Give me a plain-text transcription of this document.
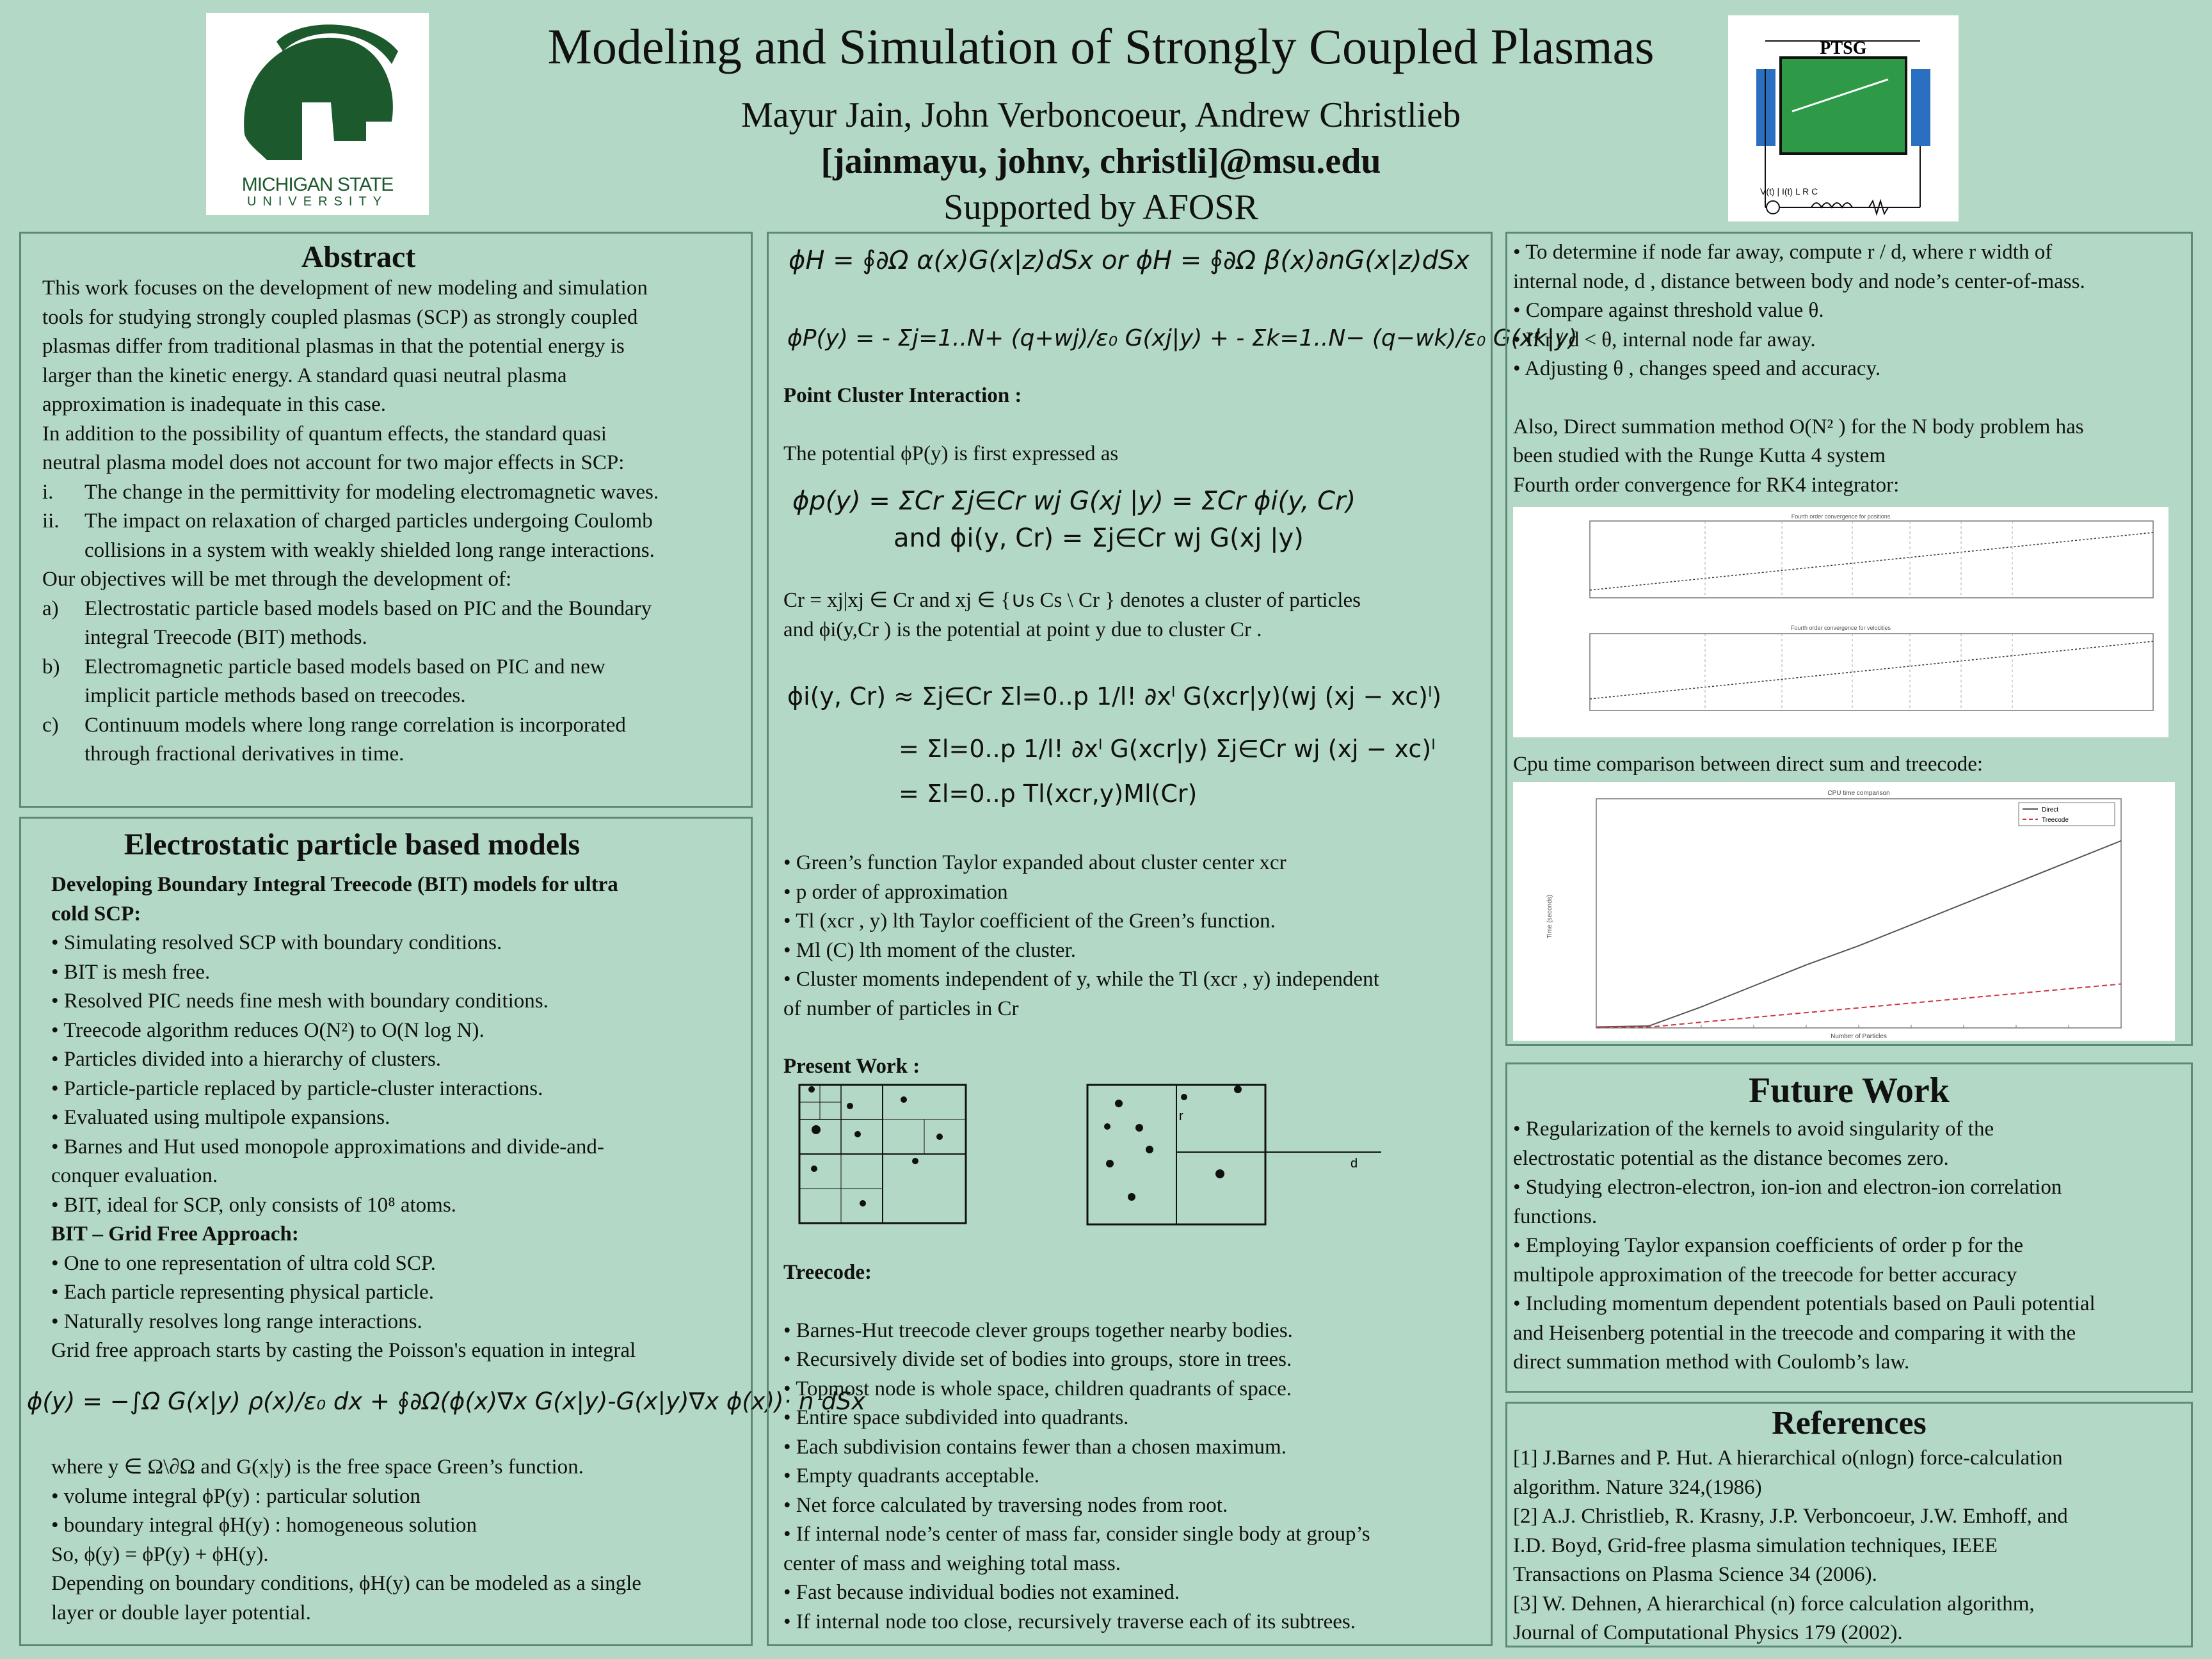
MICHIGAN STATE
UNIVERSITY
Modeling and Simulation of Strongly Coupled Plasmas
Mayur Jain, John Verboncoeur, Andrew Christlieb
[jainmayu, johnv, christli]@msu.edu
Supported by AFOSR
PTSG
V(t) | I(t) L R C
Abstract
This work focuses on the development of new modeling and simulation
tools for studying strongly coupled plasmas (SCP) as strongly coupled
plasmas differ from traditional plasmas in that the potential energy is
larger than the kinetic energy. A standard quasi neutral plasma
approximation is inadequate in this case.
In addition to the possibility of quantum effects, the standard quasi
neutral plasma model does not account for two major effects in SCP:
i. The change in the permittivity for modeling electromagnetic waves.
ii. The impact on relaxation of charged particles undergoing Coulomb
collisions in a system with weakly shielded long range interactions.
Our objectives will be met through the development of:
a) Electrostatic particle based models based on PIC and the Boundary
integral Treecode (BIT) methods.
b) Electromagnetic particle based models based on PIC and new
implicit particle methods based on treecodes.
c) Continuum models where long range correlation is incorporated
through fractional derivatives in time.
Electrostatic particle based models
Developing Boundary Integral Treecode (BIT) models for ultra
cold SCP:
• Simulating resolved SCP with boundary conditions.
• BIT is mesh free.
• Resolved PIC needs fine mesh with boundary conditions.
• Treecode algorithm reduces O(N²) to O(N log N).
• Particles divided into a hierarchy of clusters.
• Particle-particle replaced by particle-cluster interactions.
• Evaluated using multipole expansions.
• Barnes and Hut used monopole approximations and divide-and-
conquer evaluation.
• BIT, ideal for SCP, only consists of 10⁸ atoms.
BIT – Grid Free Approach:
• One to one representation of ultra cold SCP.
• Each particle representing physical particle.
• Naturally resolves long range interactions.
Grid free approach starts by casting the Poisson's equation in integral
ϕ(y) = −∫Ω G(x|y) ρ(x)/ε₀ dx + ∮∂Ω(ϕ(x)∇x G(x|y)-G(x|y)∇x ϕ(x))· n dSx
where y ∈ Ω\∂Ω and G(x|y) is the free space Green’s function.
• volume integral ϕP(y) : particular solution
• boundary integral ϕH(y) : homogeneous solution
So, ϕ(y) = ϕP(y) + ϕH(y).
Depending on boundary conditions, ϕH(y) can be modeled as a single
layer or double layer potential.
ϕH = ∮∂Ω α(x)G(x|z)dSx or ϕH = ∮∂Ω β(x)∂nG(x|z)dSx
ϕP(y) = - Σj=1..N+ (q+wj)/ε₀ G(xj|y) + - Σk=1..N− (q−wk)/ε₀ G(xk|y)
Point Cluster Interaction :
The potential ϕP(y) is first expressed as
ϕp(y) = ΣCr Σj∈Cr wj G(xj |y) = ΣCr ϕi(y, Cr)
and ϕi(y, Cr) = Σj∈Cr wj G(xj |y)
Cr = xj|xj ∈ Cr and xj ∈ {∪s Cs \ Cr } denotes a cluster of particles
and ϕi(y,Cr ) is the potential at point y due to cluster Cr .
ϕi(y, Cr) ≈ Σj∈Cr Σl=0..p 1/l! ∂xˡ G(xcr|y)(wj (xj − xc)ˡ)
= Σl=0..p 1/l! ∂xˡ G(xcr|y) Σj∈Cr wj (xj − xc)ˡ
= Σl=0..p Tl(xcr,y)Ml(Cr)
• Green’s function Taylor expanded about cluster center xcr
• p order of approximation
• Tl (xcr , y) lth Taylor coefficient of the Green’s function.
• Ml (C) lth moment of the cluster.
• Cluster moments independent of y, while the Tl (xcr , y) independent
of number of particles in Cr
Present Work :
r
d
Treecode:
• Barnes-Hut treecode clever groups together nearby bodies.
• Recursively divide set of bodies into groups, store in trees.
• Topmost node is whole space, children quadrants of space.
• Entire space subdivided into quadrants.
• Each subdivision contains fewer than a chosen maximum.
• Empty quadrants acceptable.
• Net force calculated by traversing nodes from root.
• If internal node’s center of mass far, consider single body at group’s
center of mass and weighing total mass.
• Fast because individual bodies not examined.
• If internal node too close, recursively traverse each of its subtrees.
• To determine if node far away, compute r / d, where r width of
internal node, d , distance between body and node’s center-of-mass.
• Compare against threshold value θ.
• If r / d < θ, internal node far away.
• Adjusting θ , changes speed and accuracy.
Also, Direct summation method O(N² ) for the N body problem has
been studied with the Runge Kutta 4 system
Fourth order convergence for RK4 integrator:
Fourth order convergence for positions
Fourth order convergence for velocities
Cpu time comparison between direct sum and treecode:
CPU time comparison
Direct
Treecode
Number of Particles
Time (seconds)
Future Work
• Regularization of the kernels to avoid singularity of the
electrostatic potential as the distance becomes zero.
• Studying electron-electron, ion-ion and electron-ion correlation
functions.
• Employing Taylor expansion coefficients of order p for the
multipole approximation of the treecode for better accuracy
• Including momentum dependent potentials based on Pauli potential
and Heisenberg potential in the treecode and comparing it with the
direct summation method with Coulomb’s law.
References
[1] J.Barnes and P. Hut. A hierarchical o(nlogn) force-calculation
algorithm. Nature 324,(1986)
[2] A.J. Christlieb, R. Krasny, J.P. Verboncoeur, J.W. Emhoff, and
I.D. Boyd, Grid-free plasma simulation techniques, IEEE
Transactions on Plasma Science 34 (2006).
[3] W. Dehnen, A hierarchical (n) force calculation algorithm,
Journal of Computational Physics 179 (2002).
